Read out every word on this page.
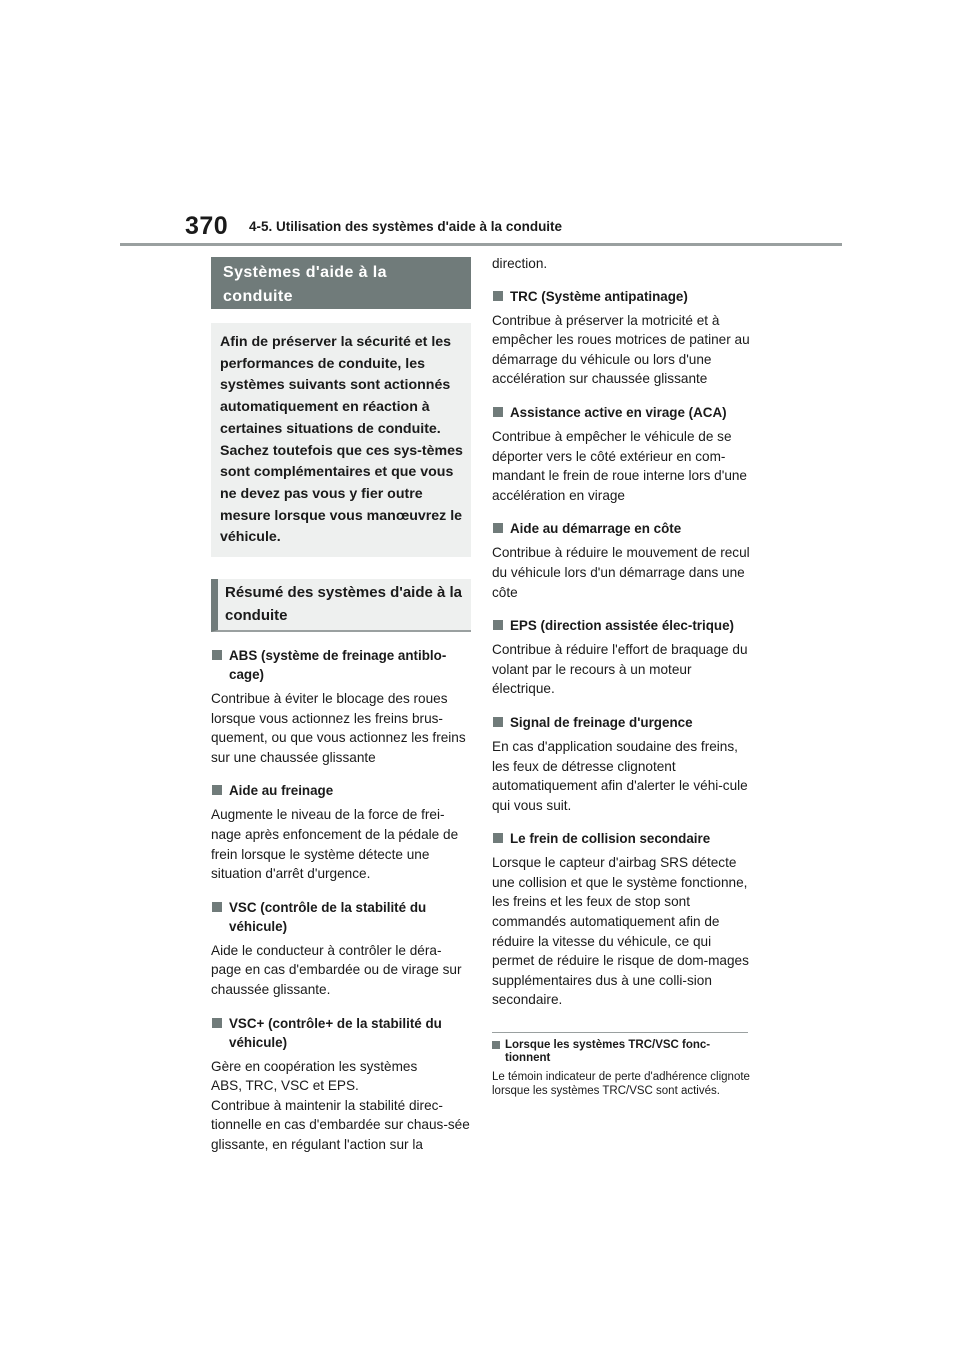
370 4-5. Utilisation des systèmes d'aide à la conduite
Systèmes d'aide à la conduite
Afin de préserver la sécurité et les performances de conduite, les systèmes suivants sont actionnés automatiquement en réaction à certaines situations de conduite. Sachez toutefois que ces sys-tèmes sont complémentaires et que vous ne devez pas vous y fier outre mesure lorsque vous manœuvrez le véhicule.
Résumé des systèmes d'aide à la conduite
ABS (système de freinage antiblo-cage)
Contribue à éviter le blocage des roues lorsque vous actionnez les freins brus-quement, ou que vous actionnez les freins sur une chaussée glissante
Aide au freinage
Augmente le niveau de la force de frei-nage après enfoncement de la pédale de frein lorsque le système détecte une situation d'arrêt d'urgence.
VSC (contrôle de la stabilité du véhicule)
Aide le conducteur à contrôler le déra-page en cas d'embardée ou de virage sur chaussée glissante.
VSC+ (contrôle+ de la stabilité du véhicule)
Gère en coopération les systèmes
ABS, TRC, VSC et EPS.
Contribue à maintenir la stabilité direc-tionnelle en cas d'embardée sur chaus-sée glissante, en régulant l'action sur la
direction.
TRC (Système antipatinage)
Contribue à préserver la motricité et à empêcher les roues motrices de patiner au démarrage du véhicule ou lors d'une accélération sur chaussée glissante
Assistance active en virage (ACA)
Contribue à empêcher le véhicule de se déporter vers le côté extérieur en com-mandant le frein de roue interne lors d'une accélération en virage
Aide au démarrage en côte
Contribue à réduire le mouvement de recul du véhicule lors d'un démarrage dans une côte
EPS (direction assistée élec-trique)
Contribue à réduire l'effort de braquage du volant par le recours à un moteur électrique.
Signal de freinage d'urgence
En cas d'application soudaine des freins, les feux de détresse clignotent automatiquement afin d'alerter le véhi-cule qui vous suit.
Le frein de collision secondaire
Lorsque le capteur d'airbag SRS détecte une collision et que le système fonctionne, les freins et les feux de stop sont commandés automatiquement afin de réduire la vitesse du véhicule, ce qui permet de réduire le risque de dom-mages supplémentaires dus à une colli-sion secondaire.
Lorsque les systèmes TRC/VSC fonc-tionnent
Le témoin indicateur de perte d'adhérence clignote lorsque les systèmes TRC/VSC sont activés.
